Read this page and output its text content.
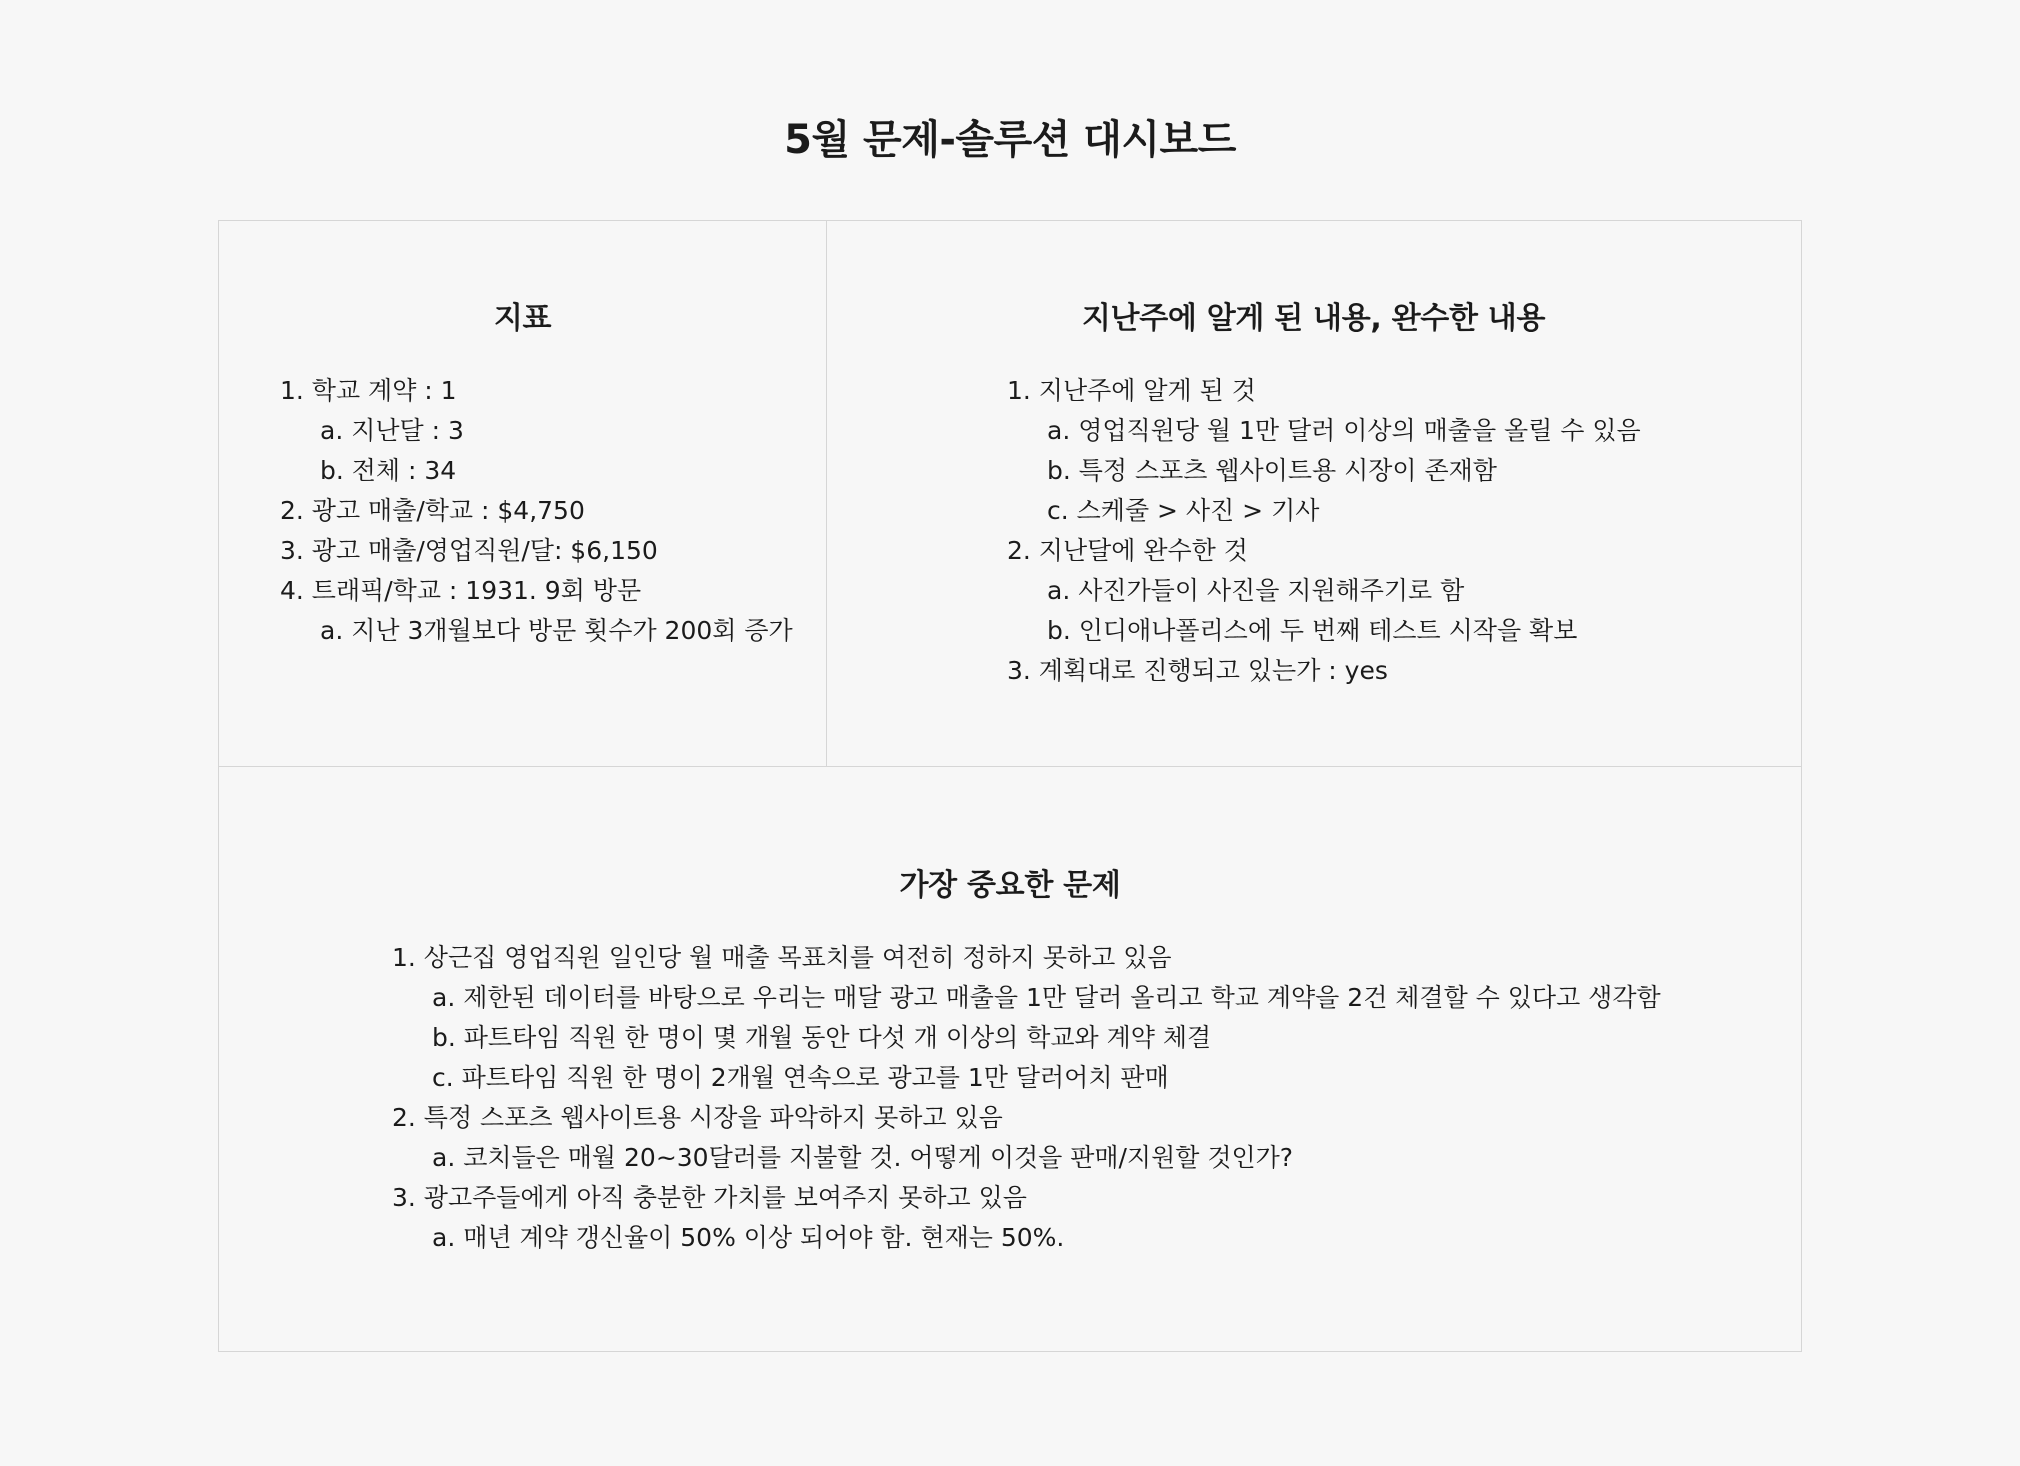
5월 문제-솔루션 대시보드
지표
1. 학교 계약 : 1
a. 지난달 : 3
b. 전체 : 34
2. 광고 매출/학교 : $4,750
3. 광고 매출/영업직원/달: $6,150
4. 트래픽/학교 : 1931. 9회 방문
a. 지난 3개월보다 방문 횟수가 200회 증가
지난주에 알게 된 내용, 완수한 내용
1. 지난주에 알게 된 것
a. 영업직원당 월 1만 달러 이상의 매출을 올릴 수 있음
b. 특정 스포츠 웹사이트용 시장이 존재함
c. 스케줄 > 사진 > 기사
2. 지난달에 완수한 것
a. 사진가들이 사진을 지원해주기로 함
b. 인디애나폴리스에 두 번째 테스트 시작을 확보
3. 계획대로 진행되고 있는가 : yes
가장 중요한 문제
1. 상근집 영업직원 일인당 월 매출 목표치를 여전히 정하지 못하고 있음
a. 제한된 데이터를 바탕으로 우리는 매달 광고 매출을 1만 달러 올리고 학교 계약을 2건 체결할 수 있다고 생각함
b. 파트타임 직원 한 명이 몇 개월 동안 다섯 개 이상의 학교와 계약 체결
c. 파트타임 직원 한 명이 2개월 연속으로 광고를 1만 달러어치 판매
2. 특정 스포츠 웹사이트용 시장을 파악하지 못하고 있음
a. 코치들은 매월 20~30달러를 지불할 것. 어떻게 이것을 판매/지원할 것인가?
3. 광고주들에게 아직 충분한 가치를 보여주지 못하고 있음
a. 매년 계약 갱신율이 50% 이상 되어야 함. 현재는 50%.
